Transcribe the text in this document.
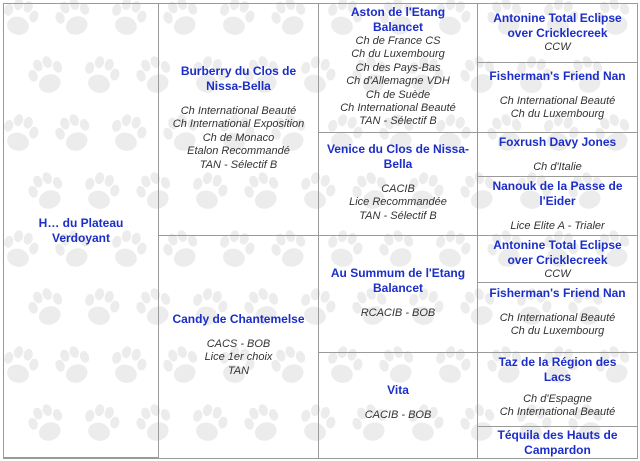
H… du Plateau Verdoyant
Burberry du Clos de Nissa-Bella
Ch International Beauté
Ch International Exposition
Ch de Monaco
Etalon Recommandé
TAN - Sélectif B
Candy de Chantemelse
CACS - BOB
Lice 1er choix
TAN
Aston de l'Etang Balancet
Ch de France CS
Ch du Luxembourg
Ch des Pays-Bas
Ch d'Allemagne VDH
Ch de Suède
Ch International Beauté
TAN - Sélectif B
Venice du Clos de Nissa-Bella
CACIB
Lice Recommandée
TAN - Sélectif B
Au Summum de l'Etang Balancet
RCACIB - BOB
Vita
CACIB - BOB
Antonine Total Eclipse over Cricklecreek
CCW
Fisherman's Friend Nan
Ch International Beauté
Ch du Luxembourg
Foxrush Davy Jones
Ch d'Italie
Nanouk de la Passe de l'Eider
Lice Elite A - Trialer
Antonine Total Eclipse over Cricklecreek
CCW
Fisherman's Friend Nan
Ch International Beauté
Ch du Luxembourg
Taz de la Région des Lacs
Ch d'Espagne
Ch International Beauté
Téquila des Hauts de Campardon
